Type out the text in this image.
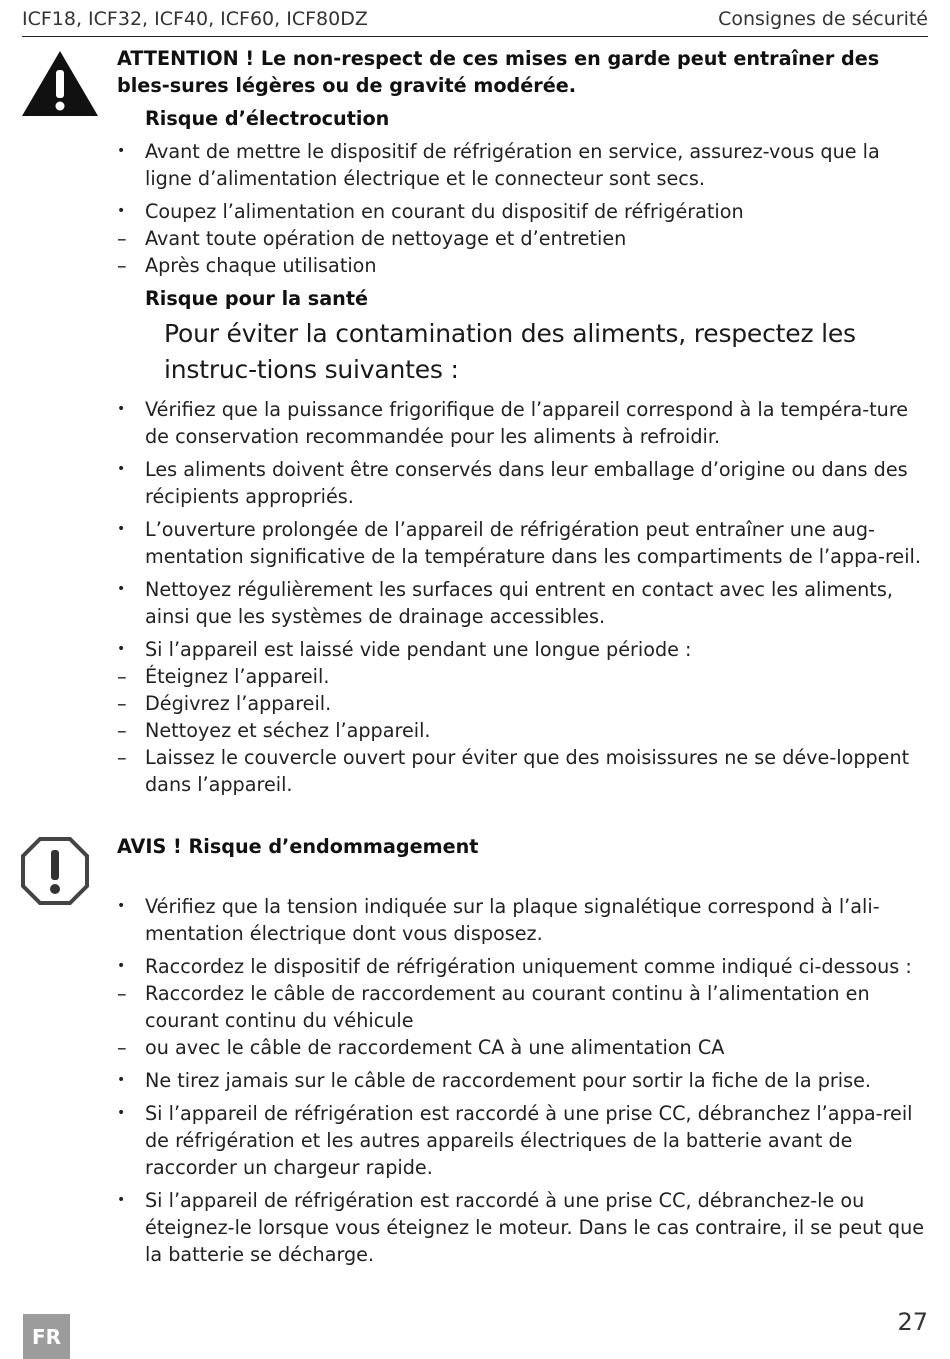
ICF18, ICF32, ICF40, ICF60, ICF80DZ	Consignes de sécurité
ATTENTION ! Le non-respect de ces mises en garde peut entraîner des bles-sures légères ou de gravité modérée.
Risque d’électrocution
• Avant de mettre le dispositif de réfrigération en service, assurez-vous que la ligne d’alimentation électrique et le connecteur sont secs.
• Coupez l’alimentation en courant du dispositif de réfrigération
– Avant toute opération de nettoyage et d’entretien
– Après chaque utilisation
Risque pour la santé
Pour éviter la contamination des aliments, respectez les instruc-tions suivantes :
• Vérifiez que la puissance frigorifique de l’appareil correspond à la tempéra-ture de conservation recommandée pour les aliments à refroidir.
• Les aliments doivent être conservés dans leur emballage d’origine ou dans des récipients appropriés.
• L’ouverture prolongée de l’appareil de réfrigération peut entraîner une aug-mentation significative de la température dans les compartiments de l’appa-reil.
• Nettoyez régulièrement les surfaces qui entrent en contact avec les aliments, ainsi que les systèmes de drainage accessibles.
• Si l’appareil est laissé vide pendant une longue période :
– Éteignez l’appareil.
– Dégivrez l’appareil.
– Nettoyez et séchez l’appareil.
– Laissez le couvercle ouvert pour éviter que des moisissures ne se déve-loppent dans l’appareil.
AVIS ! Risque d’endommagement
• Vérifiez que la tension indiquée sur la plaque signalétique correspond à l’ali-mentation électrique dont vous disposez.
• Raccordez le dispositif de réfrigération uniquement comme indiqué ci-dessous :
– Raccordez le câble de raccordement au courant continu à l’alimentation en courant continu du véhicule
– ou avec le câble de raccordement CA à une alimentation CA
• Ne tirez jamais sur le câble de raccordement pour sortir la fiche de la prise.
• Si l’appareil de réfrigération est raccordé à une prise CC, débranchez l’appa-reil de réfrigération et les autres appareils électriques de la batterie avant de raccorder un chargeur rapide.
• Si l’appareil de réfrigération est raccordé à une prise CC, débranchez-le ou éteignez-le lorsque vous éteignez le moteur. Dans le cas contraire, il se peut que la batterie se décharge.
FR
27
